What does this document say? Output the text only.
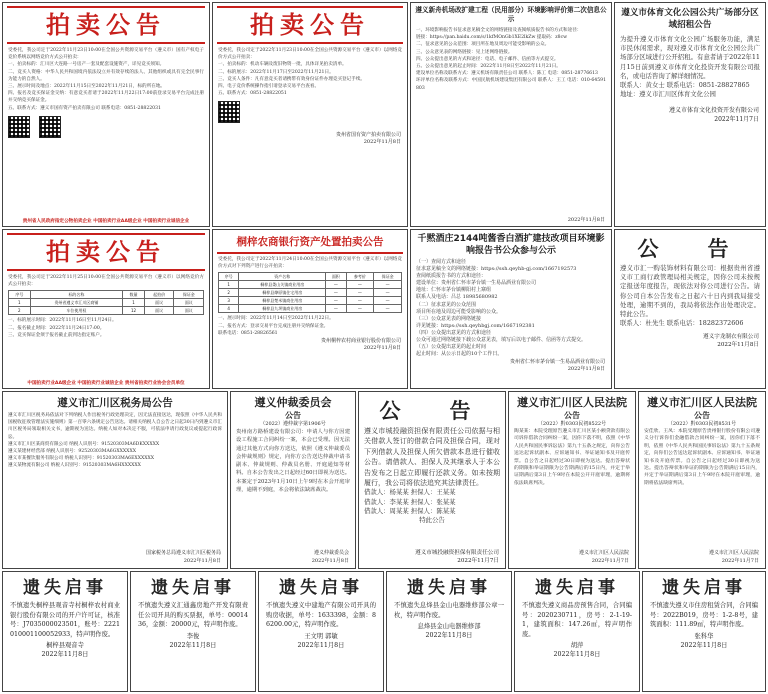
拍卖公告
受委托，我公司定于2022年11月23日10:00在全国公共资源交易平台（遵义市）国有产权电子竞价系统以网络竞价方式公开拍卖：
一、拍卖标的：汇川区大连路一号房产一套及配套设施资产，详见竞买须知。
二、竞买人资格：中华人民共和国境内依法设立并有效存续的法人、其他组织或具有完全民事行为能力的自然人。
三、展示时间及地点：2022年11月15日至2022年11月21日，标的所在地。
四、报名及竞买保证金交纳：有意竞买者请于2022年11月22日17:00前登录交易平台完成注册并交纳竞买保证金。
五、联系方式：遵义市国有资产拍卖有限公司 联系电话：0851-28822031

贵州省人民政府指定公物拍卖企业 中国拍卖行业AA级企业 中国拍卖行业诚信企业
拍卖公告
受委托，我公司定于2022年11月23日10:00在全国公共资源交易平台（遵义市）以网络竞价方式公开拍卖：
一、拍卖标的：机动车辆及废旧物资一批，具体详见拍卖清单。
二、标的展示：2022年11月17日至2022年11月21日。
三、竞买人条件：凡有意竞买者请携带有效身份证件办理竞买登记手续。
四、电子竞价系统操作指引请登录交易平台查看。
五、联系方式：0851-28822051
贵州省国有资产拍卖有限公司
2022年11月8日
遵义新舟机场改扩建工程（民用部分）环境影响评价第二次信息公示
一、环境影响报告书征求意见稿全文的网络链接及查阅纸质报告书的方式和途径：
链接：https://pan.baidu.com/s/1kfMOnGb1XE2lkZw 提取码：z8cw
二、征求意见的公众范围：项目所在地及周边可能受影响的公众。
三、公众意见表的网络链接：见上述网络链接。
四、公众提出意见的方式和途径：电话、电子邮件、信函等方式提交。
五、公众提出意见的起止时间：2022年11月8日至2022年11月21日。
建设单位名称及联系方式：遵义机场有限责任公司 联系人：陈工 电话：0851-28776613
环评单位名称及联系方式：中国民航机场建设集团有限公司 联系人：王工 电话：010-64591803
2022年11月8日
遵义市体育文化公园公共广场部分区域招租公告
为提升遵义市体育文化公园广场服务功能，满足市民休闲需求，现对遵义市体育文化公园公共广场部分区域进行公开招租。有意者请于2022年11月15日前到遵义市体育文化投资开发有限公司报名，或电话咨询了解详细情况。
联系人：黄女士 联系电话：0851-28827865
地址：遵义市汇川区体育文化公园
遵义市体育文化投资开发有限公司
2022年11月7日
拍卖公告
受委托，我公司定于2022年11月25日10:00在全国公共资源交易平台（遵义市）以网络竞价方式公开拍卖：
序号	标的名称	数量	起拍价	保证金
1	贵州省遵义市汇川区商铺	1	面议	面议
2	车位使用权	12	面议	面议
一、标的展示时间：2022年11月16日至11月24日。
二、报名截止时间：2022年11月24日17:00。
三、竞买保证金须于报名截止前到达指定账户。
中国拍卖行业AA级企业 中国拍卖行业诚信企业 贵州省拍卖行业协会会员单位
桐梓农商银行资产处置拍卖公告
受委托，我公司定于2022年11月24日10:00在全国公共资源交易平台（遵义市）以网络竞价方式对下列资产进行公开拍卖：
序号	资产名称	面积	参考价	保证金
1	桐梓县娄山关镇商业用房	—	—	—
2	桐梓县燎原镇住宅用房	—	—	—
3	桐梓县楚米镇商住用房	—	—	—
4	桐梓县九坝镇商业用房	—	—	—
一、展示时间：2022年11月14日至2022年11月22日。
二、报名方式：登录交易平台完成注册并交纳保证金。
联系电话：0851-28826561
贵州桐梓农村商业银行股份有限公司
2022年11月8日
千黙酒庄2144吨酱香白酒扩建技改项目环境影响报告书公众参与公示
（一）查阅方式和途径
征求意见稿全文的网络链接：https://ssh.qeyhb-gj.com/1667192573
查阅纸质报告书的方式和途径：
建设单位：贵州省仁怀市茅台镇一生易品酒业有限公司
地址：仁怀市茅台镇柳阳村上寨组
联系人及电话：吕总 18985680982
（二）征求意见的公众范围
项目所在地及周边可能受影响的公众。
（三）公众意见表的网络链接
详见链接：https://ssh.qeyhbgj.com/1667192381
（四）公众提出意见的方式和途径
公众可通过网络链接下载公众意见表，填写后以电子邮件、信函等方式提交。
（五）公众提出意见的起止时间
起止时间：从公示日起的10个工作日。
贵州省仁怀市茅台镇一生易品酒业有限公司
2022年11月8日
公　告
遵义市汇一购装饰材料有限公司：根据贵州省遵义市工商行政管理局相关规定，因你公司未按规定报送年度报告，现依法对你公司进行公告。请你公司自本公告发布之日起六十日内到我局接受处理，逾期不到的，我局将依法作出处理决定。特此公告。
联系人：杜先生 联系电话：18282372606
遵义宇龙制衣有限公司
2022年11月8日
遵义市汇川区税务局公告
遵义市汇川区税务局依法对下列纳税人作出税务行政处理决定，因无法直接送达，现依照《中华人民共和国税收征收管理法实施细则》第一百零六条规定公告送达。请相关纳税人自公告之日起30日内到遵义市汇川区税务局领取相关文书，逾期视为送达。纳税人如对本决定不服，可依法申请行政复议或提起行政诉讼。
遵义市汇川区某商贸有限公司 纳税人识别号：91520303MA6DKXXXXX
遵义某建材经营部 纳税人识别号：92520303MA6GXXXXXX
遵义市某餐饮服务有限公司 纳税人识别号：91520303MA6EXXXXXX
遵义某物流有限公司 纳税人识别号：91520303MA6HXXXXXX
国家税务总局遵义市汇川区税务局
2022年11月8日
遵义仲裁委员会
公告
（2022）遵仲裁字第1906号
贵州南方路桥建设有限公司：申请人与你方因建设工程施工合同纠纷一案，本会已受理。因无法通过其他方式向你方送达，依照《遵义仲裁委员会仲裁规则》规定，向你方公告送达仲裁申请书副本、仲裁规则、仲裁员名册、开庭通知等材料。自本公告发出之日起经过60日即视为送达。本案定于2023年1月10日上午9时在本会开庭审理，逾期不到庭，本会将依法缺席裁决。
遵义仲裁委员会
2022年11月8日
公　告
遵义市城投融资担保有限责任公司依据与相关借款人签订的借款合同及担保合同，现对下列借款人及担保人所欠借款本息进行催收公告。请借款人、担保人及其继承人于本公告发布之日起立即履行还款义务。如未按期履行，我公司将依法追究其法律责任。
借款人：杨某某 担保人：王某某
借款人：李某某 担保人：张某某
借款人：周某某 担保人：陈某某
特此公告
遵义市城投融资担保有限责任公司
2022年11月7日
遵义市汇川区人民法院
公告
（2022）黔0303民初8522号
陶某某：本院受理原告遵义市汇川区某小额贷款有限公司诉你借款合同纠纷一案，因你下落不明，依照《中华人民共和国民事诉讼法》第九十五条之规定，向你公告送达起诉状副本、应诉通知书、举证通知书及开庭传票。自公告之日起经过30日即视为送达。提出答辩状的期限和举证期限为公告期满后的15日内，并定于举证期满后第3日上午9时在本院公开开庭审理，逾期将依法缺席判决。
遵义市汇川区人民法院
2022年11月7日
遵义市汇川区人民法院
公告
（2022）黔0303民初8531号
安佳欣、王凤：本院受理原告贵州银行股份有限公司遵义分行诉你们金融借款合同纠纷一案，因你们下落不明，依照《中华人民共和国民事诉讼法》第九十五条规定，向你们公告送达起诉状副本、应诉通知书、举证通知书及开庭传票。自公告之日起经过30日即视为送达。提出答辩状和举证的期限为公告期满后15日内，并定于举证期满后第3日上午9时在本院开庭审理，逾期将依法缺席判决。
遵义市汇川区人民法院
2022年11月7日
遗失启事
不慎遗失桐梓县观音寺村桐梓农村商业银行股份有限公司的开户许可证，核准号：J7035000023501，账号：2221010001100052933，特声明作废。
桐梓县观音寺
2022年11月8日
遗失启事
不慎遗失遵义汇通鑫房地产开发有限责任公司开具的购买票据，单号：0001436，金额：20000元，特声明作废。
李俊
2022年11月8日
遗失启事
不慎遗失遵义中建地产有限公司开具的购房收据，单号：1633398，金额：86200.00元，特声明作废。
王文明 郭敏
2022年11月8日
遗失启事
不慎遗失息烽县金山电器维修部公章一枚，特声明作废。
息烽县金山电器维修部
2022年11月8日
遗失启事
不慎遗失遵义商品房预售合同，合同编号：2020230711，房号：2-1-19-1，建筑面积：147.26㎡，特声明作废。
胡萍
2022年11月8日
遗失启事
不慎遗失遵义市住房租赁合同，合同编号：2022B019，房号：1-2-8号，建筑面积：111.89㎡，特声明作废。
张科华
2022年11月8日
